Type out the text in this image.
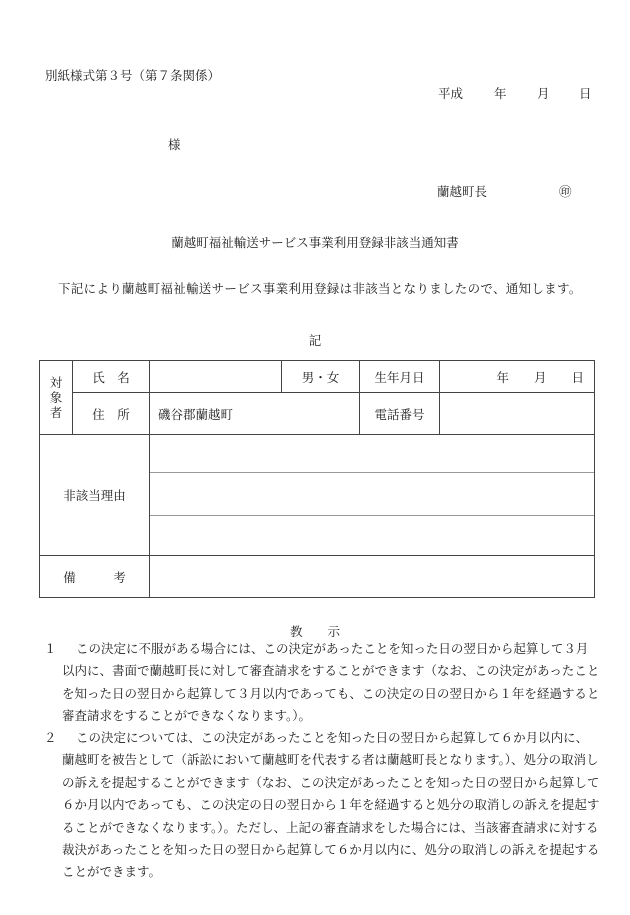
別紙様式第３号（第７条関係）
平成 年 月 日
様
蘭越町長	㊞
蘭越町福祉輸送サービス事業利用登録非該当通知書
下記により蘭越町福祉輸送サービス事業利用登録は非該当となりましたので、通知します。
記
対象者	氏　名		男・女	生年月日	年　　月　　日
	住　所	磯谷郡蘭越町		電話番号	
非該当理由					

備　　　考					
教　　示
１	この決定に不服がある場合には、この決定があったことを知った日の翌日から起算して３月以内に、書面で蘭越町長に対して審査請求をすることができます（なお、この決定があったことを知った日の翌日から起算して３月以内であっても、この決定の日の翌日から１年を経過すると審査請求をすることができなくなります。）。
２	この決定については、この決定があったことを知った日の翌日から起算して６か月以内に、蘭越町を被告として（訴訟において蘭越町を代表する者は蘭越町長となります。）、処分の取消しの訴えを提起することができます（なお、この決定があったことを知った日の翌日から起算して６か月以内であっても、この決定の日の翌日から１年を経過すると処分の取消しの訴えを提起することができなくなります。）。ただし、上記の審査請求をした場合には、当該審査請求に対する裁決があったことを知った日の翌日から起算して６か月以内に、処分の取消しの訴えを提起することができます。
